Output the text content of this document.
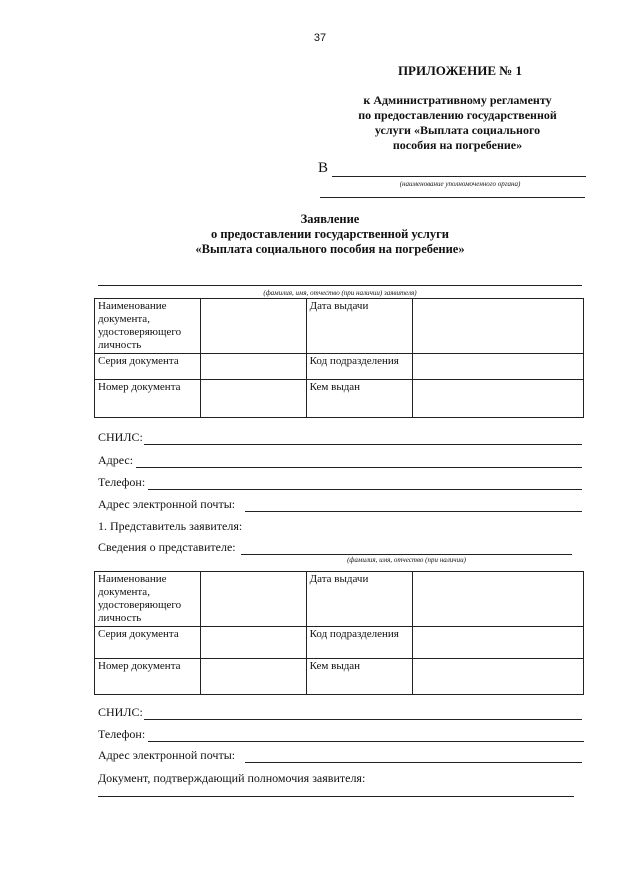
37
ПРИЛОЖЕНИЕ № 1
к Административному регламенту
по предоставлению государственной
услуги «Выплата социального
пособия на погребение»
В
(наименование уполномоченного органа)
Заявление
о предоставлении государственной услуги
«Выплата социального пособия на погребение»
(фамилия, имя, отчество (при наличии) заявителя)
Наименование документа, удостоверяющего личность		Дата выдачи	
Серия документа		Код подразделения	
Номер документа		Кем выдан	
СНИЛС:
Адрес:
Телефон:
Адрес электронной почты:
1. Представитель заявителя:
Сведения о представителе:
(фамилия, имя, отчество (при наличии)
Наименование документа, удостоверяющего личность		Дата выдачи	
Серия документа		Код подразделения	
Номер документа		Кем выдан	
СНИЛС:
Телефон:
Адрес электронной почты:
Документ, подтверждающий полномочия заявителя:
